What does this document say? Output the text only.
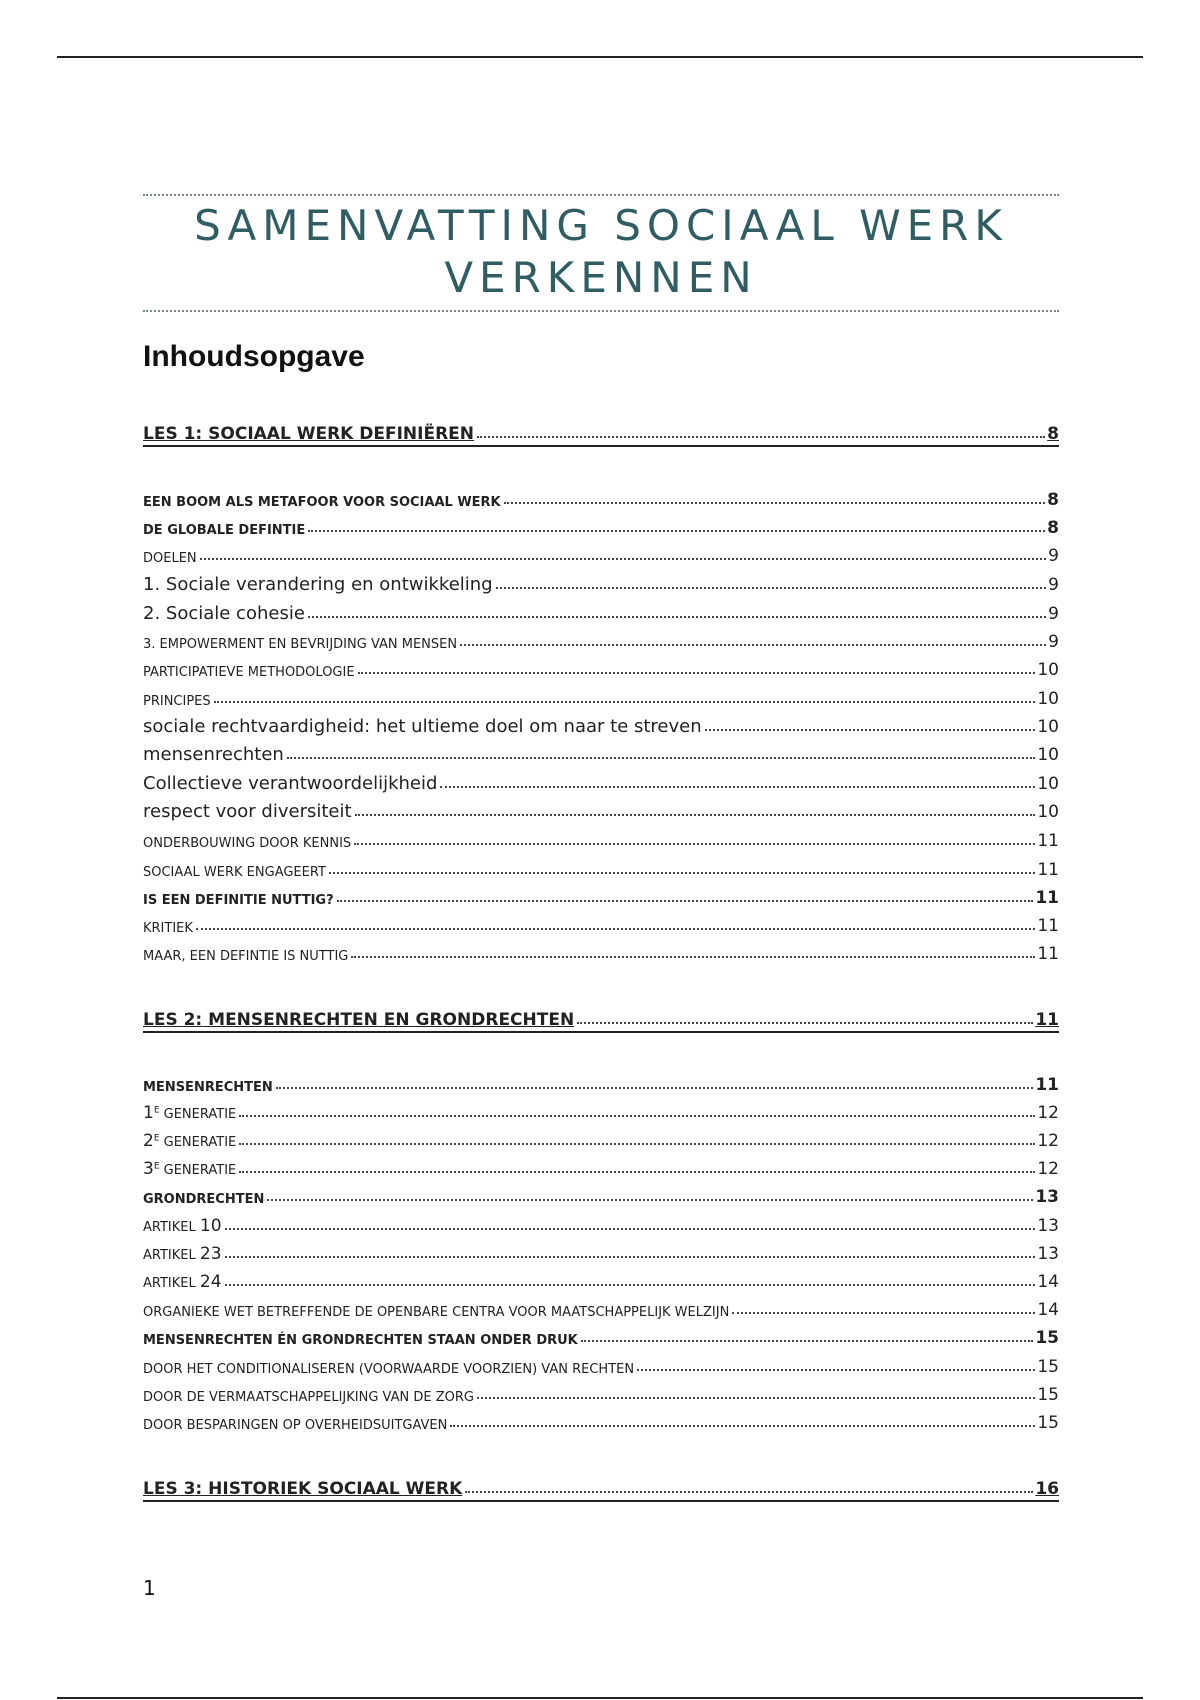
SAMENVATTING SOCIAAL WERK
VERKENNEN
Inhoudsopgave
LES 1: SOCIAAL WERK DEFINIËREN	8
EEN BOOM ALS METAFOOR VOOR SOCIAAL WERK	8
DE GLOBALE DEFINTIE	8
DOELEN	9
1. Sociale verandering en ontwikkeling	9
2. Sociale cohesie	9
3. EMPOWERMENT EN BEVRIJDING VAN MENSEN	9
PARTICIPATIEVE METHODOLOGIE	10
PRINCIPES	10
sociale rechtvaardigheid: het ultieme doel om naar te streven	10
mensenrechten	10
Collectieve verantwoordelijkheid	10
respect voor diversiteit	10
ONDERBOUWING DOOR KENNIS	11
SOCIAAL WERK ENGAGEERT	11
IS EEN DEFINITIE NUTTIG?	11
KRITIEK	11
MAAR, EEN DEFINTIE IS NUTTIG	11
LES 2: MENSENRECHTEN EN GRONDRECHTEN	11
MENSENRECHTEN	11
$1^E$ GENERATIE	12
$2^E$ GENERATIE	12
$3^E$ GENERATIE	12
GRONDRECHTEN	13
ARTIKEL 10	13
ARTIKEL 23	13
ARTIKEL 24	14
ORGANIEKE WET BETREFFENDE DE OPENBARE CENTRA VOOR MAATSCHAPPELIJK WELZIJN	14
MENSENRECHTEN ÉN GRONDRECHTEN STAAN ONDER DRUK	15
DOOR HET CONDITIONALISEREN (VOORWAARDE VOORZIEN) VAN RECHTEN	15
DOOR DE VERMAATSCHAPPELIJKING VAN DE ZORG	15
DOOR BESPARINGEN OP OVERHEIDSUITGAVEN	15
LES 3: HISTORIEK SOCIAAL WERK	16
1
